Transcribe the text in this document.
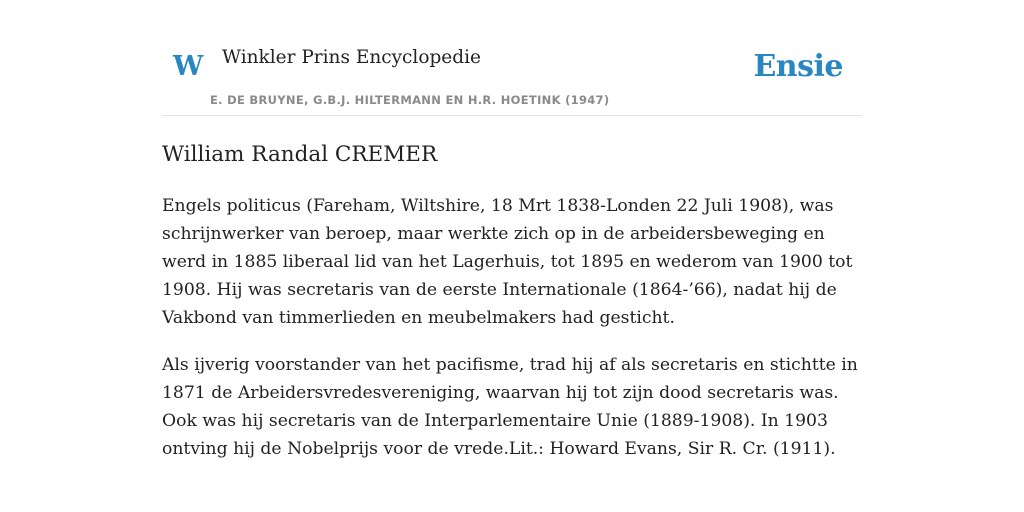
W Winkler Prins Encyclopedie
E. DE BRUYNE, G.B.J. HILTERMANN EN H.R. HOETINK (1947)
Ensie
William Randal CREMER

Engels politicus (Fareham, Wiltshire, 18 Mrt 1838-Londen 22 Juli 1908), was schrijnwerker van beroep, maar werkte zich op in de arbeidersbeweging en werd in 1885 liberaal lid van het Lagerhuis, tot 1895 en wederom van 1900 tot 1908. Hij was secretaris van de eerste Internationale (1864-’66), nadat hij de Vakbond van timmerlieden en meubelmakers had gesticht.

Als ijverig voorstander van het pacifisme, trad hij af als secretaris en stichtte in 1871 de Arbeidersvredesvereniging, waarvan hij tot zijn dood secretaris was. Ook was hij secretaris van de Interparlementaire Unie (1889-1908). In 1903 ontving hij de Nobelprijs voor de vrede.Lit.: Howard Evans, Sir R. Cr. (1911).
